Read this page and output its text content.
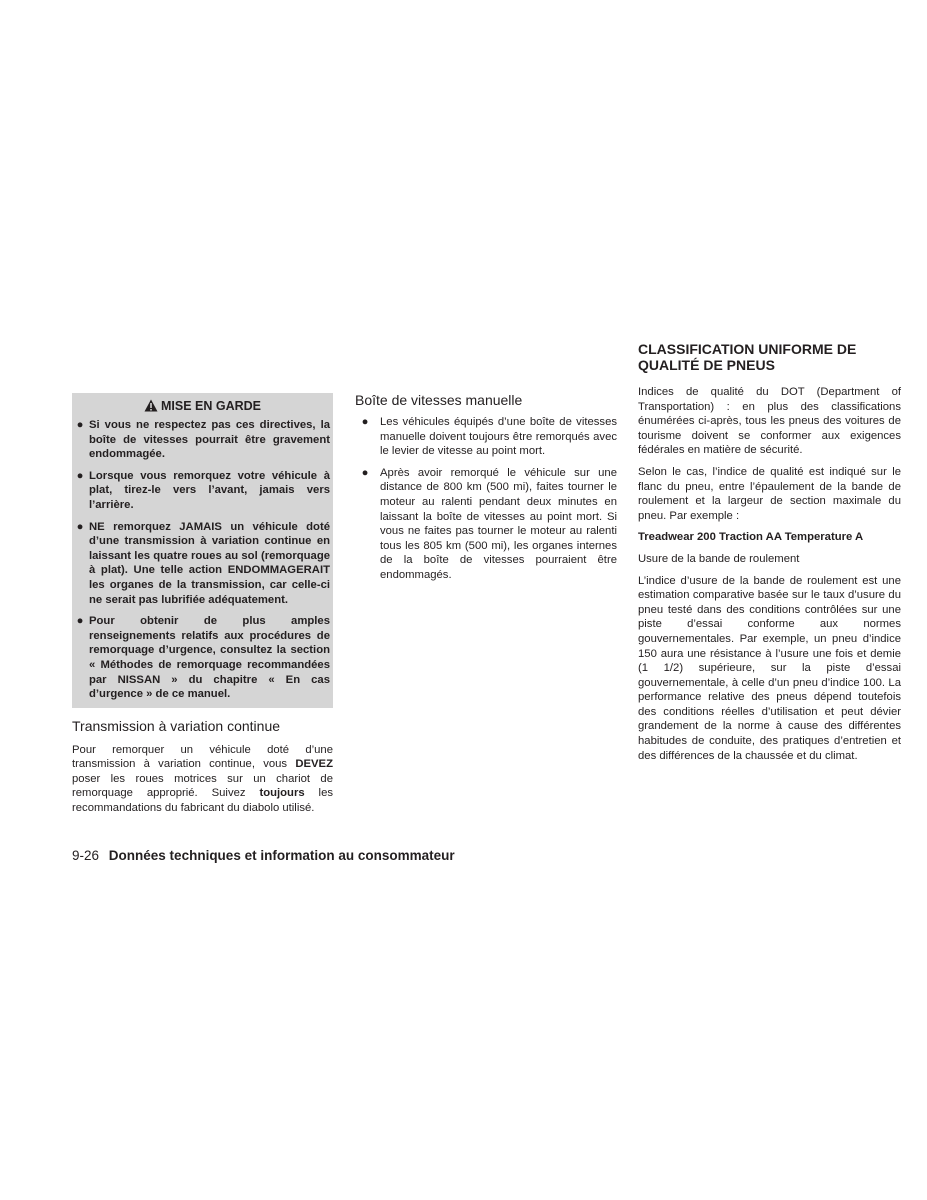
MISE EN GARDE
● Si vous ne respectez pas ces directives, la boîte de vitesses pourrait être gravement endommagée.
● Lorsque vous remorquez votre véhicule à plat, tirez-le vers l’avant, jamais vers l’arrière.
● NE remorquez JAMAIS un véhicule doté d’une transmission à variation continue en laissant les quatre roues au sol (remorquage à plat). Une telle action ENDOMMAGERAIT les organes de la transmission, car celle-ci ne serait pas lubrifiée adéquatement.
● Pour obtenir de plus amples renseignements relatifs aux procédures de remorquage d’urgence, consultez la section « Méthodes de remorquage recommandées par NISSAN » du chapitre « En cas d’urgence » de ce manuel.
Transmission à variation continue

Pour remorquer un véhicule doté d’une transmission à variation continue, vous DEVEZ poser les roues motrices sur un chariot de remorquage approprié. Suivez toujours les recommandations du fabricant du diabolo utilisé.

Boîte de vitesses manuelle
● Les véhicules équipés d’une boîte de vitesses manuelle doivent toujours être remorqués avec le levier de vitesse au point mort.
● Après avoir remorqué le véhicule sur une distance de 800 km (500 mi), faites tourner le moteur au ralenti pendant deux minutes en laissant la boîte de vitesses au point mort. Si vous ne faites pas tourner le moteur au ralenti tous les 805 km (500 mi), les organes internes de la boîte de vitesses pourraient être endommagés.
CLASSIFICATION UNIFORME DE QUALITÉ DE PNEUS

Indices de qualité du DOT (Department of Transportation) : en plus des classifications énumérées ci-après, tous les pneus des voitures de tourisme doivent se conformer aux exigences fédérales en matière de sécurité.

Selon le cas, l’indice de qualité est indiqué sur le flanc du pneu, entre l’épaulement de la bande de roulement et la largeur de section maximale du pneu. Par exemple :

Treadwear 200 Traction AA Temperature A
Usure de la bande de roulement

L’indice d’usure de la bande de roulement est une estimation comparative basée sur le taux d’usure du pneu testé dans des conditions contrôlées sur une piste d’essai conforme aux normes gouvernementales. Par exemple, un pneu d’indice 150 aura une résistance à l’usure une fois et demie (1 1/2) supérieure, sur la piste d’essai gouvernementale, à celle d’un pneu d’indice 100. La performance relative des pneus dépend toutefois des conditions réelles d’utilisation et peut dévier grandement de la norme à cause des différentes habitudes de conduite, des pratiques d’entretien et des différences de la chaussée et du climat.

9-26 Données techniques et information au consommateur
